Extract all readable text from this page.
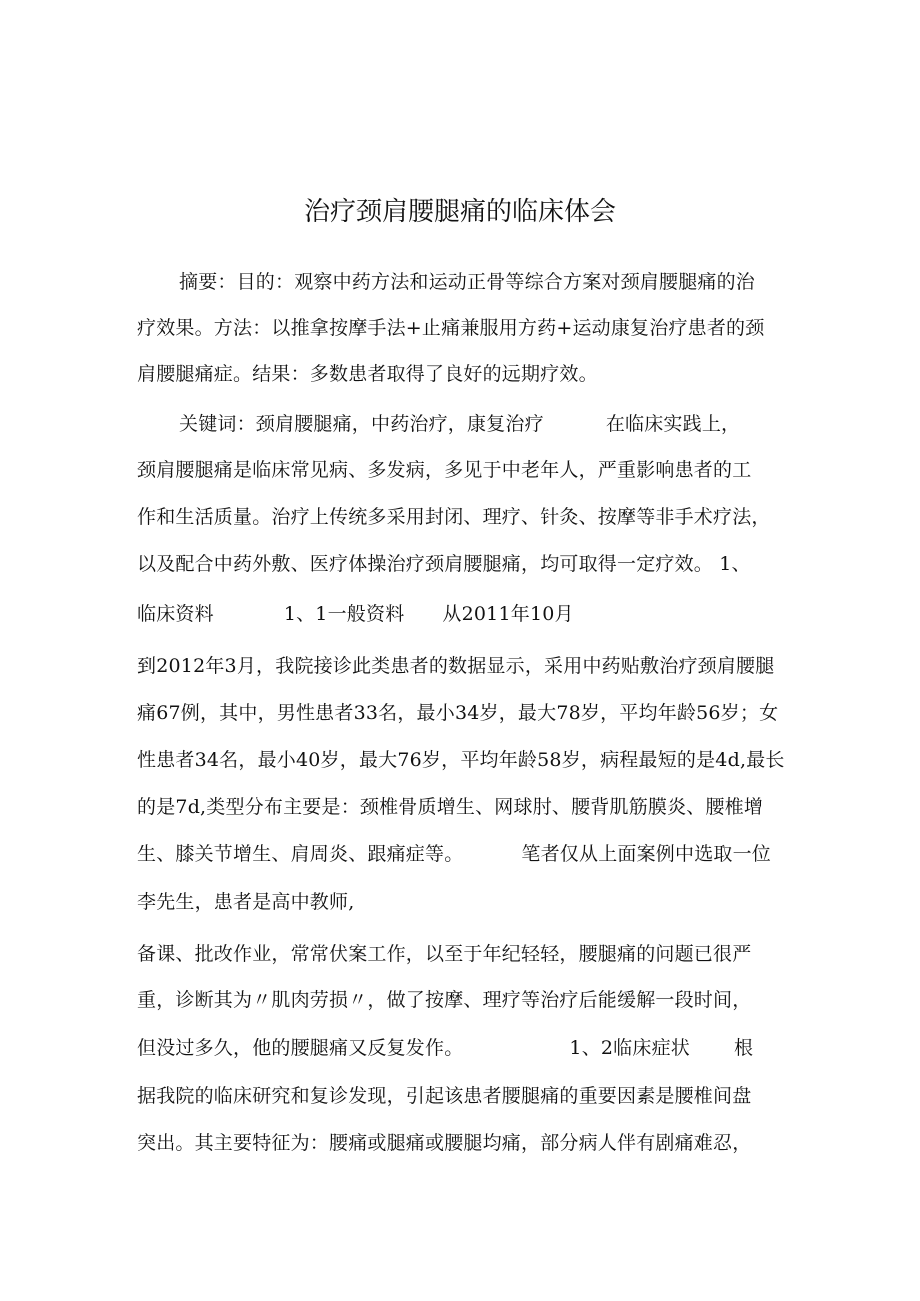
治疗颈肩腰腿痛的临床体会

摘要：目的：观察中药方法和运动正骨等综合方案对颈肩腰腿痛的治

疗效果。方法：以推拿按摩手法+止痛兼服用方药+运动康复治疗患者的颈

肩腰腿痛症。结果：多数患者取得了良好的远期疗效。

关键词：颈肩腰腿痛，中药治疗，康复治疗	在临床实践上，

颈肩腰腿痛是临床常见病、多发病，多见于中老年人，严重影响患者的工

作和生活质量。治疗上传统多采用封闭、理疗、针灸、按摩等非手术疗法，

以及配合中药外敷、医疗体操治疗颈肩腰腿痛，均可取得一定疗效。 1、

临床资料	1、1一般资料 从2011年10月

到2012年3月，我院接诊此类患者的数据显示，采用中药贴敷治疗颈肩腰腿

痛67例，其中，男性患者33名，最小34岁，最大78岁，平均年龄56岁；女

性患者34名，最小40岁，最大76岁，平均年龄58岁，病程最短的是4d,最长

的是7d,类型分布主要是：颈椎骨质增生、网球肘、腰背肌筋膜炎、腰椎增

生、膝关节增生、肩周炎、跟痛症等。	笔者仅从上面案例中选取一位

李先生，患者是高中教师,

备课、批改作业，常常伏案工作，以至于年纪轻轻，腰腿痛的问题已很严

重，诊断其为〃肌肉劳损〃，做了按摩、理疗等治疗后能缓解一段时间，

但没过多久，他的腰腿痛又反复发作。	1、2临床症状 根

据我院的临床研究和复诊发现，引起该患者腰腿痛的重要因素是腰椎间盘

突出。其主要特征为：腰痛或腿痛或腰腿均痛，部分病人伴有剧痛难忍，
